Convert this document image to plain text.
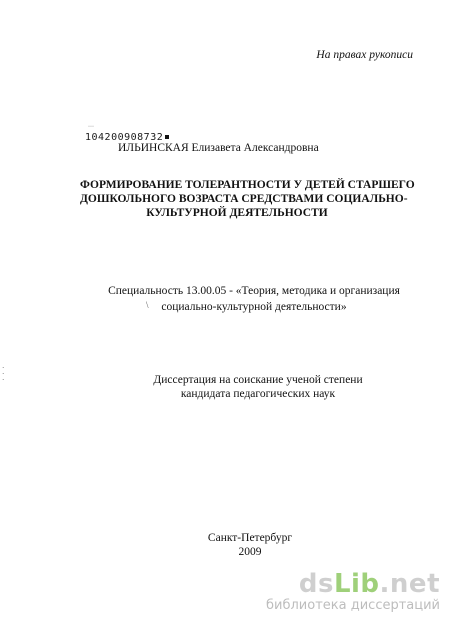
На правах рукописи
···
104200908732
ИЛЬИНСКАЯ Елизавета Александровна
ФОРМИРОВАНИЕ ТОЛЕРАНТНОСТИ У ДЕТЕЙ СТАРШЕГО
ДОШКОЛЬНОГО ВОЗРАСТА СРЕДСТВАМИ СОЦИАЛЬНО-
КУЛЬТУРНОЙ ДЕЯТЕЛЬНОСТИ
Специальность 13.00.05 - «Теория, методика и организация
социально-культурной деятельности»
\
·
·
·	Диссертация на соискание ученой степени
кандидата педагогических наук
Санкт-Петербург
2009
dsLib.net
библиотека диссертаций
